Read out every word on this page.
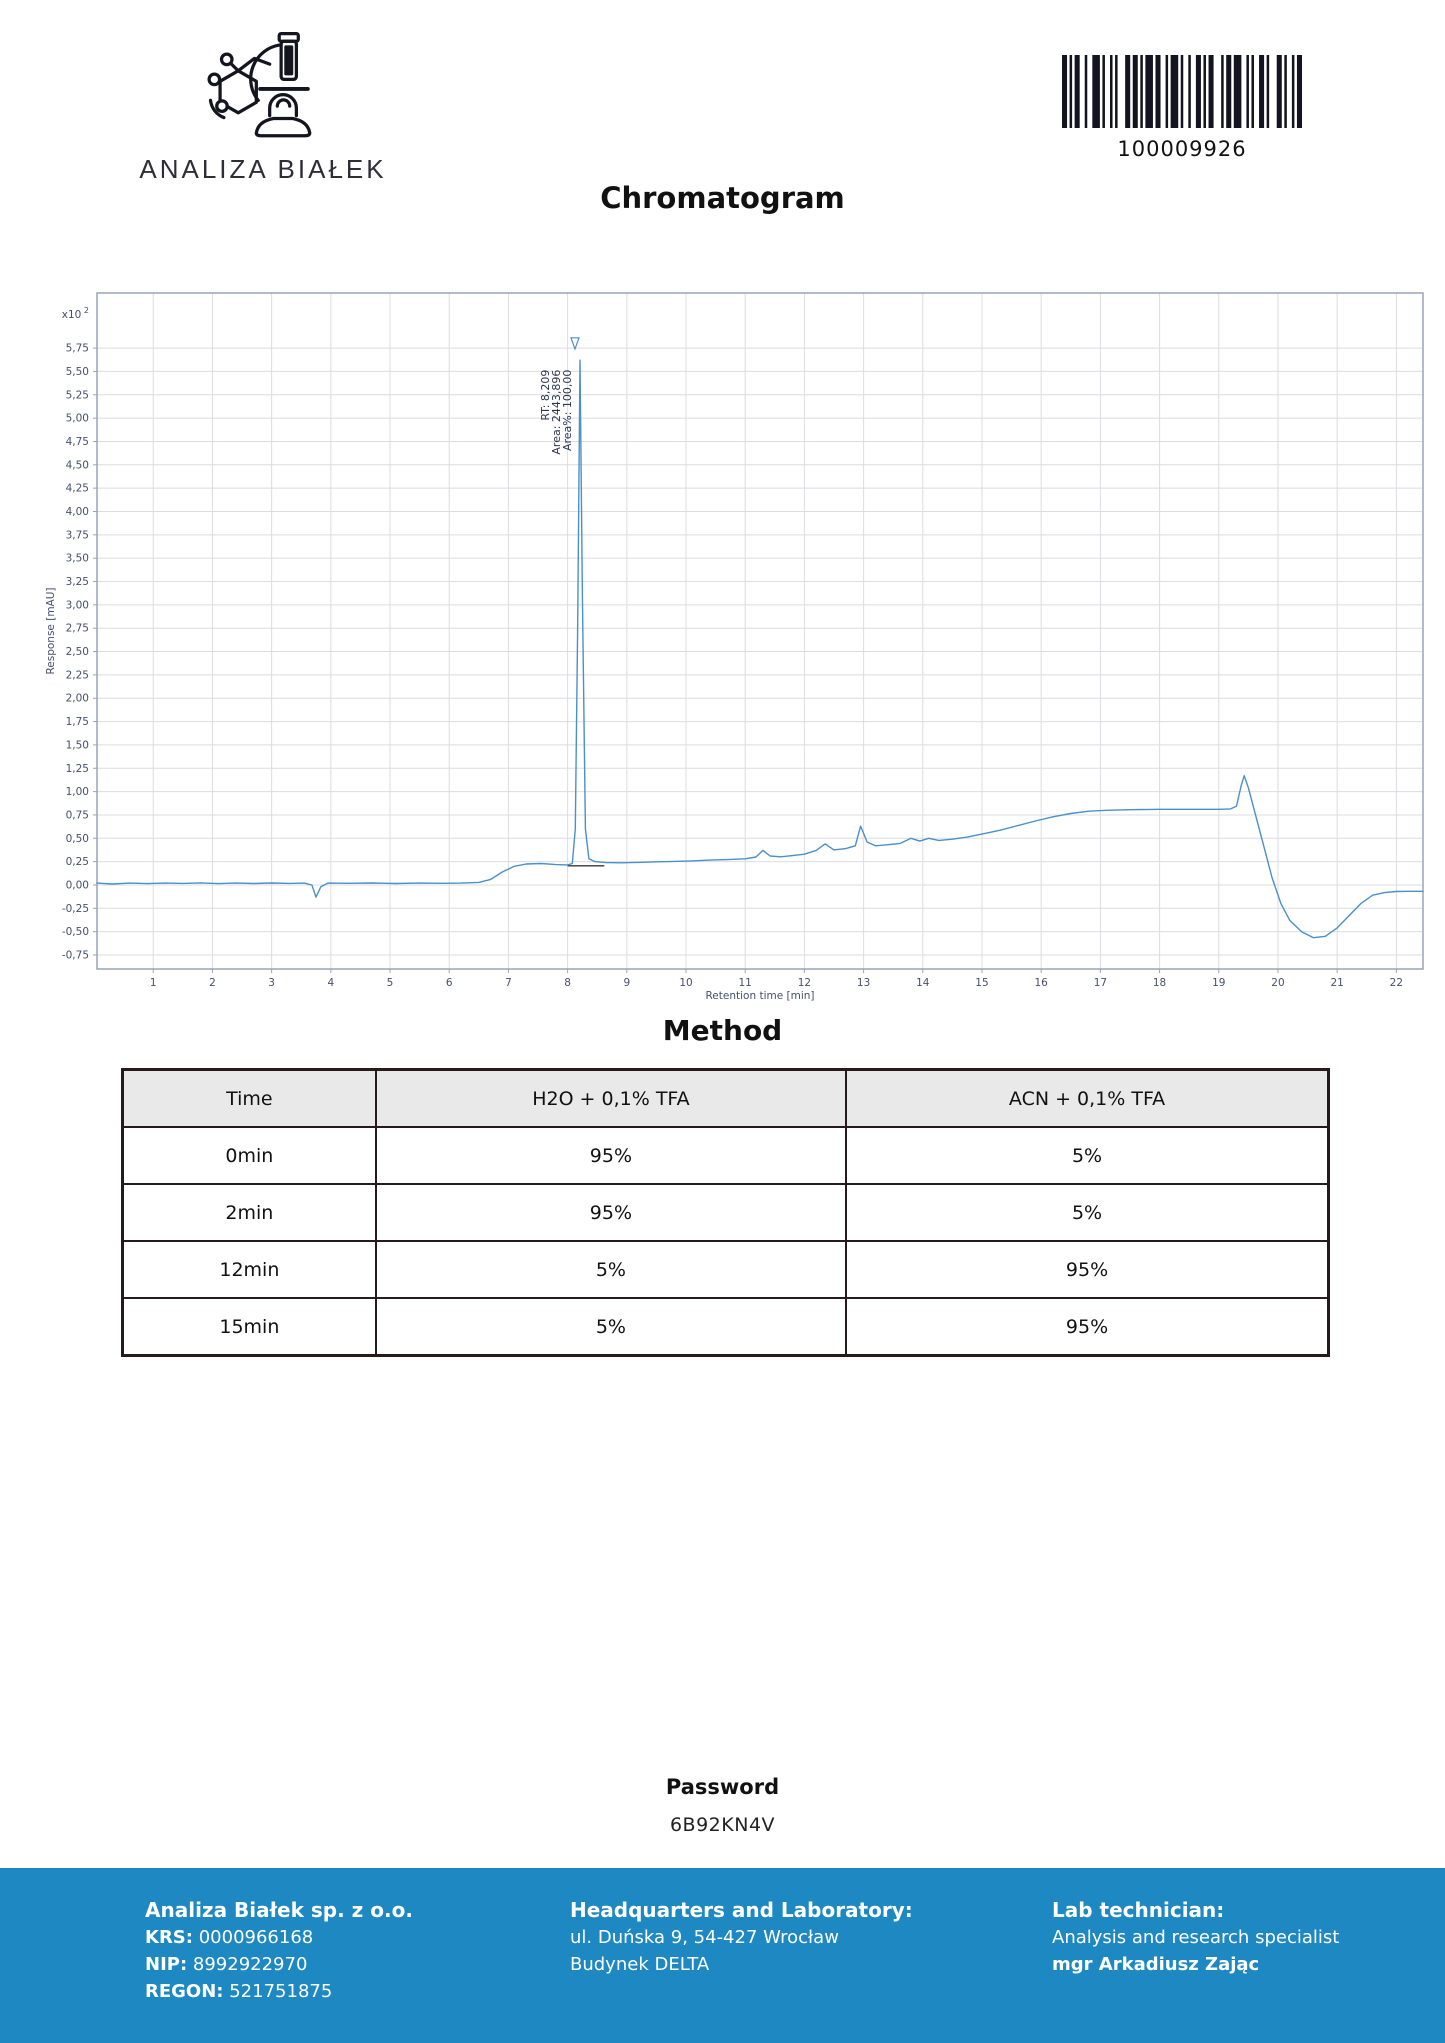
ANALIZA BIAŁEK
100009926
Chromatogram
-0,75
-0,50
-0,25
0,00
0,25
0,50
0,75
1,00
1,25
1,50
1,75
2,00
2,25
2,50
2,75
3,00
3,25
3,50
3,75
4,00
4,25
4,50
4,75
5,00
5,25
5,50
5,75
1	2	3	4	5	6	7	8	9	10	11	12	13	14	15	16	17	18	19	20	21	22
x10 $^2$
Retention time [min]
Response [mAU]
RT: 8,209
Area: 2443,896
Area%: 100,00
Method
Time	H2O + 0,1% TFA	ACN + 0,1% TFA
0min	95%	5%
2min	95%	5%
12min	5%	95%
15min	5%	95%
Password
6B92KN4V
Analiza Białek sp. z o.o.
KRS: 0000966168
NIP: 8992922970
REGON: 521751875
Headquarters and Laboratory:
ul. Duńska 9, 54-427 Wrocław
Budynek DELTA
Lab technician:
Analysis and research specialist
mgr Arkadiusz Zając
